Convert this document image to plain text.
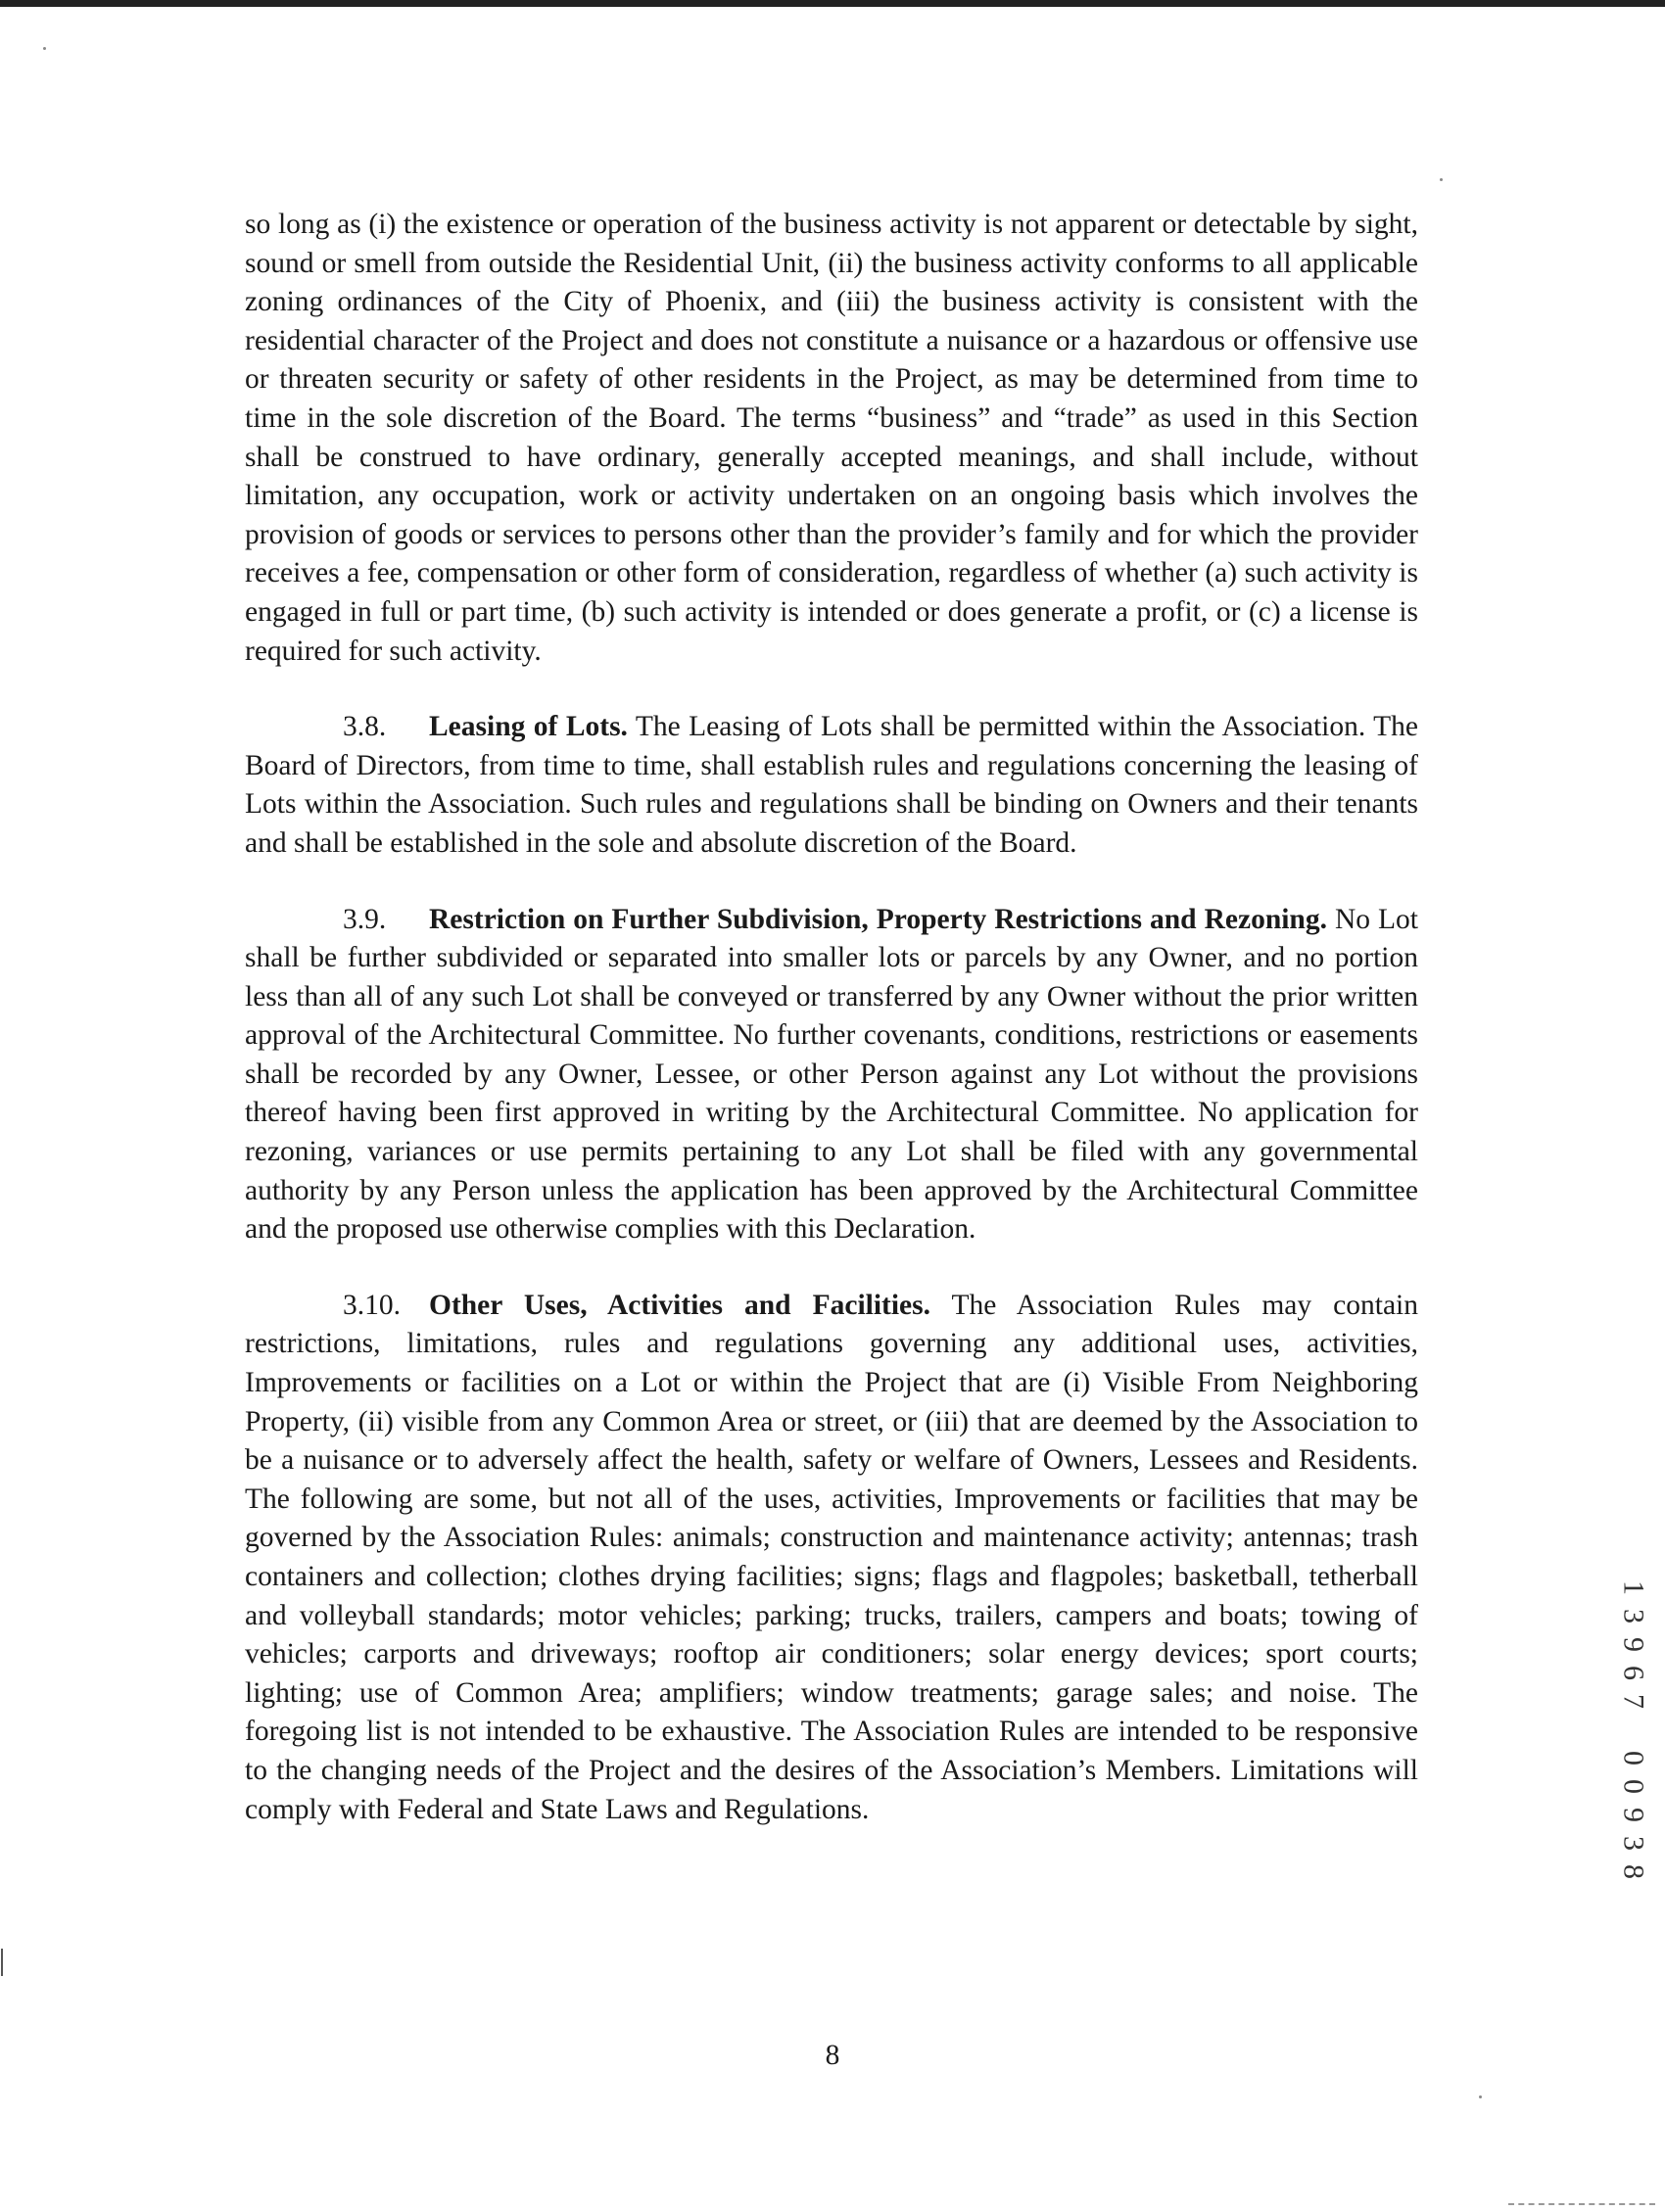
so long as (i) the existence or operation of the business activity is not apparent or detectable by sight, sound or smell from outside the Residential Unit, (ii) the business activity conforms to all applicable zoning ordinances of the City of Phoenix, and (iii) the business activity is consistent with the residential character of the Project and does not constitute a nuisance or a hazardous or offensive use or threaten security or safety of other residents in the Project, as may be determined from time to time in the sole discretion of the Board. The terms “business” and “trade” as used in this Section shall be construed to have ordinary, generally accepted meanings, and shall include, without limitation, any occupation, work or activity undertaken on an ongoing basis which involves the provision of goods or services to persons other than the provider’s family and for which the provider receives a fee, compensation or other form of consideration, regardless of whether (a) such activity is engaged in full or part time, (b) such activity is intended or does generate a profit, or (c) a license is required for such activity.

3.8. Leasing of Lots. The Leasing of Lots shall be permitted within the Association. The Board of Directors, from time to time, shall establish rules and regulations concerning the leasing of Lots within the Association. Such rules and regulations shall be binding on Owners and their tenants and shall be established in the sole and absolute discretion of the Board.

3.9. Restriction on Further Subdivision, Property Restrictions and Rezoning. No Lot shall be further subdivided or separated into smaller lots or parcels by any Owner, and no portion less than all of any such Lot shall be conveyed or transferred by any Owner without the prior written approval of the Architectural Committee. No further covenants, conditions, restrictions or easements shall be recorded by any Owner, Lessee, or other Person against any Lot without the provisions thereof having been first approved in writing by the Architectural Committee. No application for rezoning, variances or use permits pertaining to any Lot shall be filed with any governmental authority by any Person unless the application has been approved by the Architectural Committee and the proposed use otherwise complies with this Declaration.

3.10. Other Uses, Activities and Facilities. The Association Rules may contain restrictions, limitations, rules and regulations governing any additional uses, activities, Improvements or facilities on a Lot or within the Project that are (i) Visible From Neighboring Property, (ii) visible from any Common Area or street, or (iii) that are deemed by the Association to be a nuisance or to adversely affect the health, safety or welfare of Owners, Lessees and Residents. The following are some, but not all of the uses, activities, Improvements or facilities that may be governed by the Association Rules: animals; construction and maintenance activity; antennas; trash containers and collection; clothes drying facilities; signs; flags and flagpoles; basketball, tetherball and volleyball standards; motor vehicles; parking; trucks, trailers, campers and boats; towing of vehicles; carports and driveways; rooftop air conditioners; solar energy devices; sport courts; lighting; use of Common Area; amplifiers; window treatments; garage sales; and noise. The foregoing list is not intended to be exhaustive. The Association Rules are intended to be responsive to the changing needs of the Project and the desires of the Association’s Members. Limitations will comply with Federal and State Laws and Regulations.

8
1
3
9
6
7
0
0
9
3
8
